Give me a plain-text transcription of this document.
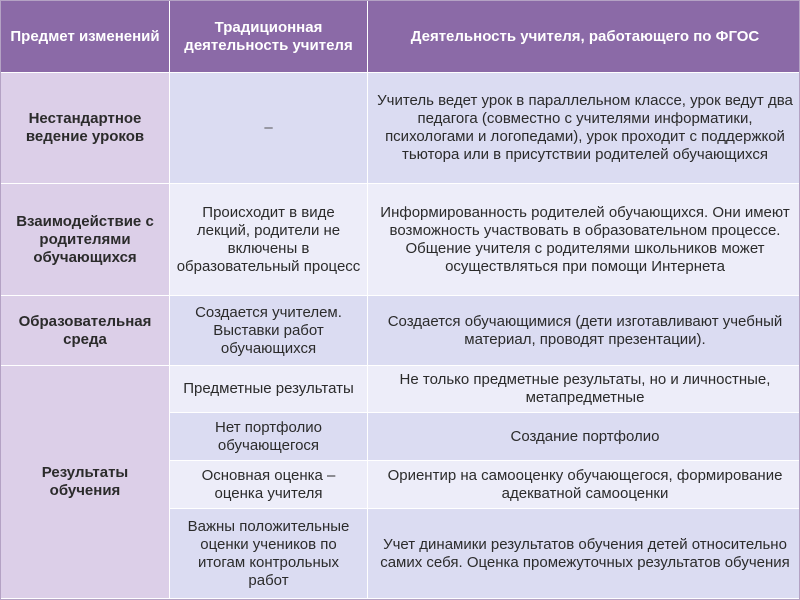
Предмет изменений	Традиционная деятельность учителя	Деятельность учителя, работающего по ФГОС
Нестандартное ведение уроков	–	Учитель ведет урок в параллельном классе, урок ведут два педагога (совместно с учителями информатики, психологами и логопедами), урок проходит с поддержкой тьютора или в присутствии родителей обучающихся
Взаимодействие с родителями обучающихся	Происходит в виде лекций, родители не включены в образовательный процесс	Информированность родителей обучающихся. Они имеют возможность участвовать в образовательном процессе. Общение учителя с родителями школьников может осуществляться при помощи Интернета
Образовательная среда	Создается учителем. Выставки работ обучающихся	Создается обучающимися (дети изготавливают учебный материал, проводят презентации).
Результаты обучения	Предметные результаты	Не только предметные результаты, но и личностные, метапредметные
	Нет портфолио обучающегося	Создание портфолио
	Основная оценка – оценка учителя	Ориентир на самооценку обучающегося, формирование адекватной самооценки
	Важны положительные оценки учеников по итогам контрольных работ	Учет динамики результатов обучения детей относительно самих себя. Оценка промежуточных результатов обучения
